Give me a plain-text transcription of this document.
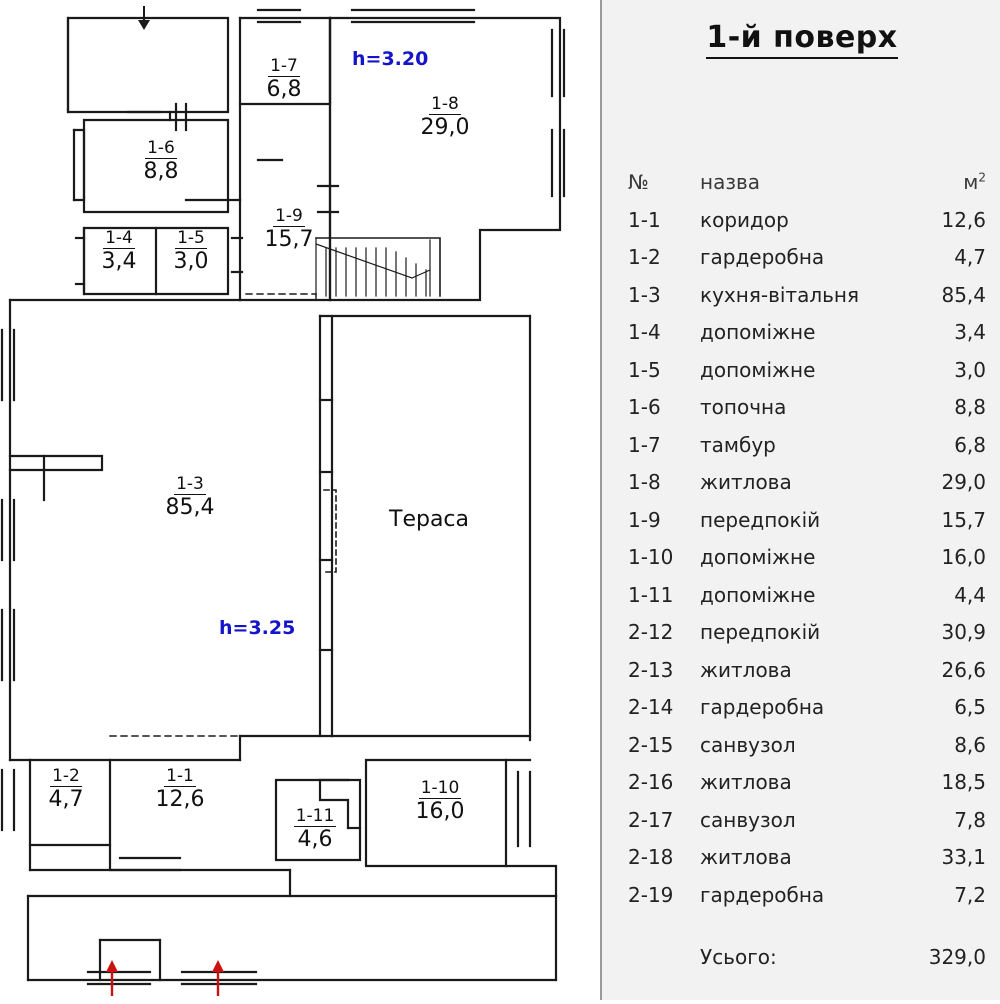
1-7
6,8
1-8
29,0
1-6
8,8
1-9
15,7
1-4
3,4
1-5
3,0
1-3
85,4
1-2
4,7
1-1
12,6	1-10
16,0
1-11
4,6
h=3.20
h=3.25
Тераса
1-й поверх
№	назва	$м^2$
1-1	коридор	12,6
1-2	гардеробна	4,7
1-3	кухня-вітальня	85,4
1-4	допоміжне	3,4
1-5	допоміжне	3,0
1-6	топочна	8,8
1-7	тамбур	6,8
1-8	житлова	29,0
1-9	передпокій	15,7
1-10	допоміжне	16,0
1-11	допоміжне	4,4
2-12	передпокій	30,9
2-13	житлова	26,6
2-14	гардеробна	6,5
2-15	санвузол	8,6
2-16	житлова	18,5
2-17	санвузол	7,8
2-18	житлова	33,1
2-19	гардеробна	7,2
Усього:	329,0
